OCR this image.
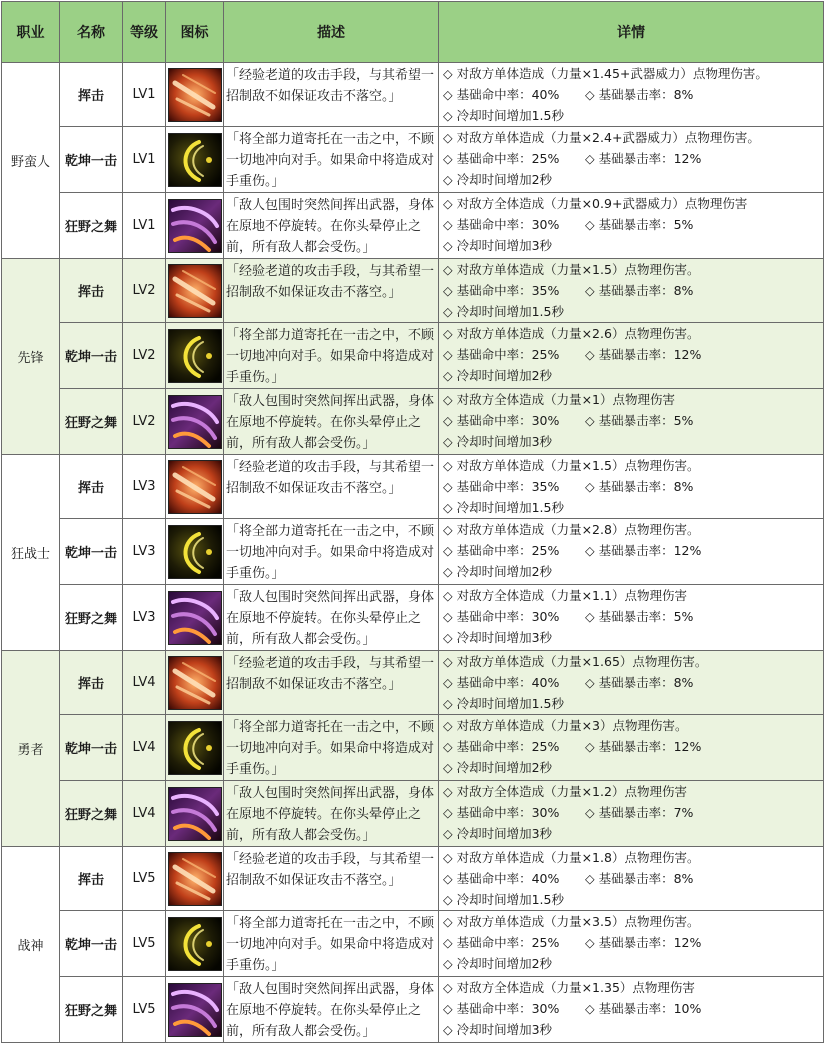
职业	名称	等级	图标	描述	详情
野蛮人	挥击	LV1		「经验老道的攻击手段，与其希望一招制敌不如保证攻击不落空。」	◇ 对敌方单体造成（力量×1.45+武器威力）点物理伤害。
◇ 基础命中率：40% ◇ 基础暴击率：8%
◇ 冷却时间增加1.5秒

	乾坤一击	LV1		「将全部力道寄托在一击之中，不顾一切地冲向对手。如果命中将造成对手重伤。」	◇ 对敌方单体造成（力量×2.4+武器威力）点物理伤害。
◇ 基础命中率：25% ◇ 基础暴击率：12%
◇ 冷却时间增加2秒

	狂野之舞	LV1		「敌人包围时突然间挥出武器，身体在原地不停旋转。在你头晕停止之前，所有敌人都会受伤。」	◇ 对敌方全体造成（力量×0.9+武器威力）点物理伤害
◇ 基础命中率：30% ◇ 基础暴击率：5%
◇ 冷却时间增加3秒

先锋	挥击	LV2		「经验老道的攻击手段，与其希望一招制敌不如保证攻击不落空。」	◇ 对敌方单体造成（力量×1.5）点物理伤害。
◇ 基础命中率：35% ◇ 基础暴击率：8%
◇ 冷却时间增加1.5秒

	乾坤一击	LV2		「将全部力道寄托在一击之中，不顾一切地冲向对手。如果命中将造成对手重伤。」	◇ 对敌方单体造成（力量×2.6）点物理伤害。
◇ 基础命中率：25% ◇ 基础暴击率：12%
◇ 冷却时间增加2秒

	狂野之舞	LV2		「敌人包围时突然间挥出武器，身体在原地不停旋转。在你头晕停止之前，所有敌人都会受伤。」	◇ 对敌方全体造成（力量×1）点物理伤害
◇ 基础命中率：30% ◇ 基础暴击率：5%
◇ 冷却时间增加3秒

狂战士	挥击	LV3		「经验老道的攻击手段，与其希望一招制敌不如保证攻击不落空。」	◇ 对敌方单体造成（力量×1.5）点物理伤害。
◇ 基础命中率：35% ◇ 基础暴击率：8%
◇ 冷却时间增加1.5秒

	乾坤一击	LV3		「将全部力道寄托在一击之中，不顾一切地冲向对手。如果命中将造成对手重伤。」	◇ 对敌方单体造成（力量×2.8）点物理伤害。
◇ 基础命中率：25% ◇ 基础暴击率：12%
◇ 冷却时间增加2秒

	狂野之舞	LV3		「敌人包围时突然间挥出武器，身体在原地不停旋转。在你头晕停止之前，所有敌人都会受伤。」	◇ 对敌方全体造成（力量×1.1）点物理伤害
◇ 基础命中率：30% ◇ 基础暴击率：5%
◇ 冷却时间增加3秒

勇者	挥击	LV4		「经验老道的攻击手段，与其希望一招制敌不如保证攻击不落空。」	◇ 对敌方单体造成（力量×1.65）点物理伤害。
◇ 基础命中率：40% ◇ 基础暴击率：8%
◇ 冷却时间增加1.5秒

	乾坤一击	LV4		「将全部力道寄托在一击之中，不顾一切地冲向对手。如果命中将造成对手重伤。」	◇ 对敌方单体造成（力量×3）点物理伤害。
◇ 基础命中率：25% ◇ 基础暴击率：12%
◇ 冷却时间增加2秒

	狂野之舞	LV4		「敌人包围时突然间挥出武器，身体在原地不停旋转。在你头晕停止之前，所有敌人都会受伤。」	◇ 对敌方全体造成（力量×1.2）点物理伤害
◇ 基础命中率：30% ◇ 基础暴击率：7%
◇ 冷却时间增加3秒

战神	挥击	LV5		「经验老道的攻击手段，与其希望一招制敌不如保证攻击不落空。」	◇ 对敌方单体造成（力量×1.8）点物理伤害。
◇ 基础命中率：40% ◇ 基础暴击率：8%
◇ 冷却时间增加1.5秒

	乾坤一击	LV5		「将全部力道寄托在一击之中，不顾一切地冲向对手。如果命中将造成对手重伤。」	◇ 对敌方单体造成（力量×3.5）点物理伤害。
◇ 基础命中率：25% ◇ 基础暴击率：12%
◇ 冷却时间增加2秒

	狂野之舞	LV5		「敌人包围时突然间挥出武器，身体在原地不停旋转。在你头晕停止之前，所有敌人都会受伤。」	◇ 对敌方全体造成（力量×1.35）点物理伤害
◇ 基础命中率：30% ◇ 基础暴击率：10%
◇ 冷却时间增加3秒
